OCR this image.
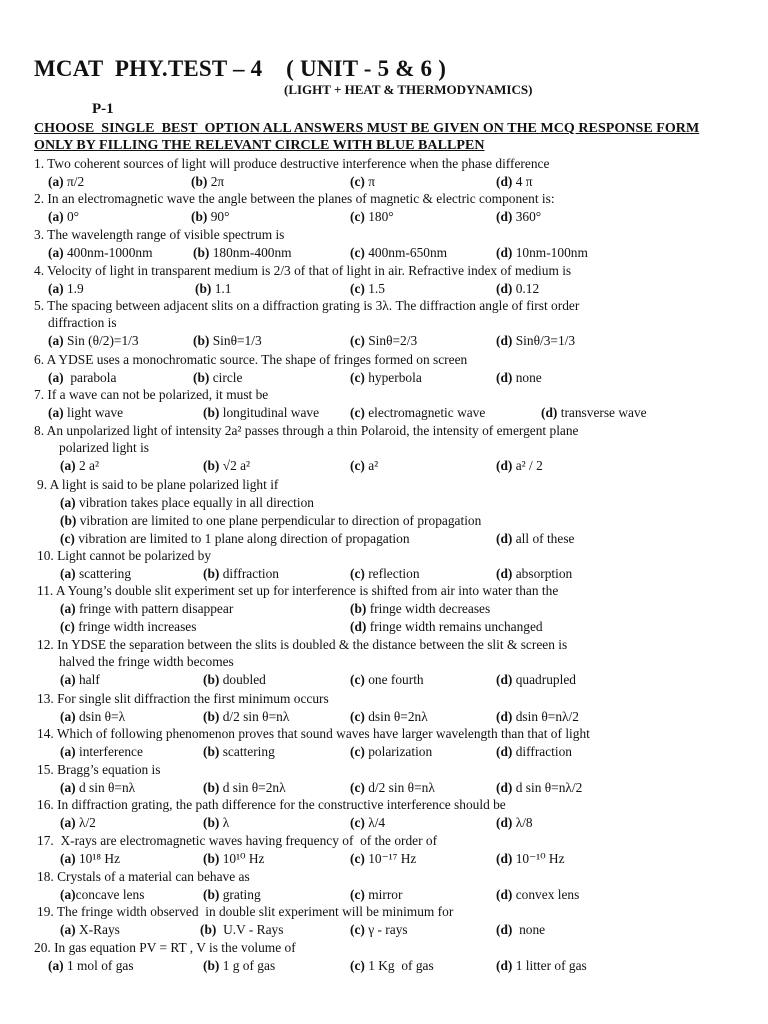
MCAT  PHY.TEST – 4    ( UNIT - 5 & 6 )
(LIGHT + HEAT & THERMODYNAMICS)
P-1
CHOOSE  SINGLE  BEST  OPTION ALL ANSWERS MUST BE GIVEN ON THE MCQ RESPONSE FORM
ONLY BY FILLING THE RELEVANT CIRCLE WITH BLUE BALLPEN
1. Two coherent sources of light will produce destructive interference when the phase difference
(a) π/2	(b) 2π	(c) π	(d) 4 π
2. In an electromagnetic wave the angle between the planes of magnetic & electric component is:
(a) 0°	(b) 90°	(c) 180°	(d) 360°
3. The wavelength range of visible spectrum is
(a) 400nm-1000nm	(b) 180nm-400nm	(c) 400nm-650nm	(d) 10nm-100nm
4. Velocity of light in transparent medium is 2/3 of that of light in air. Refractive index of medium is
(a) 1.9	(b) 1.1	(c) 1.5	(d) 0.12
5. The spacing between adjacent slits on a diffraction grating is 3λ. The diffraction angle of first order
diffraction is
(a) Sin (θ/2)=1/3	(b) Sinθ=1/3	(c) Sinθ=2/3	(d) Sinθ/3=1/3
6. A YDSE uses a monochromatic source. The shape of fringes formed on screen
(a)  parabola	(b) circle	(c) hyperbola	(d) none
7. If a wave can not be polarized, it must be
(a) light wave	(b) longitudinal wave (c) electromagnetic wave	(d) transverse wave
8. An unpolarized light of intensity 2a² passes through a thin Polaroid, the intensity of emergent plane
polarized light is
(a) 2 a²	(b) √2 a²	(c) a²	(d) a² / 2
9. A light is said to be plane polarized light if
(a) vibration takes place equally in all direction
(b) vibration are limited to one plane perpendicular to direction of propagation
(c) vibration are limited to 1 plane along direction of propagation	(d) all of these
10. Light cannot be polarized by
(a) scattering	(b) diffraction	(c) reflection	(d) absorption
11. A Young’s double slit experiment set up for interference is shifted from air into water than the
(a) fringe with pattern disappear	(b) fringe width decreases
(c) fringe width increases	(d) fringe width remains unchanged
12. In YDSE the separation between the slits is doubled & the distance between the slit & screen is
halved the fringe width becomes
(a) half	(b) doubled	(c) one fourth	(d) quadrupled
13. For single slit diffraction the first minimum occurs
(a) dsin θ=λ	(b) d/2 sin θ=nλ	(c) dsin θ=2nλ	(d) dsin θ=nλ/2
14. Which of following phenomenon proves that sound waves have larger wavelength than that of light
(a) interference	(b) scattering	(c) polarization	(d) diffraction
15. Bragg’s equation is
(a) d sin θ=nλ	(b) d sin θ=2nλ	(c) d/2 sin θ=nλ	(d) d sin θ=nλ/2
16. In diffraction grating, the path difference for the constructive interference should be
(a) λ/2	(b) λ	(c) λ/4	(d) λ/8
17.  X-rays are electromagnetic waves having frequency of  of the order of
(a) 10¹⁸ Hz	(b) 10¹⁰ Hz	(c) 10⁻¹⁷ Hz	(d) 10⁻¹⁰ Hz
18. Crystals of a material can behave as
(a)concave lens	(b) grating	(c) mirror	(d) convex lens
19. The fringe width observed  in double slit experiment will be minimum for
(a) X-Rays	(b)  U.V - Rays	(c) γ - rays	(d)  none
20. In gas equation PV = RT , V is the volume of
(a) 1 mol of gas	(b) 1 g of gas	(c) 1 Kg  of gas	(d) 1 litter of gas
